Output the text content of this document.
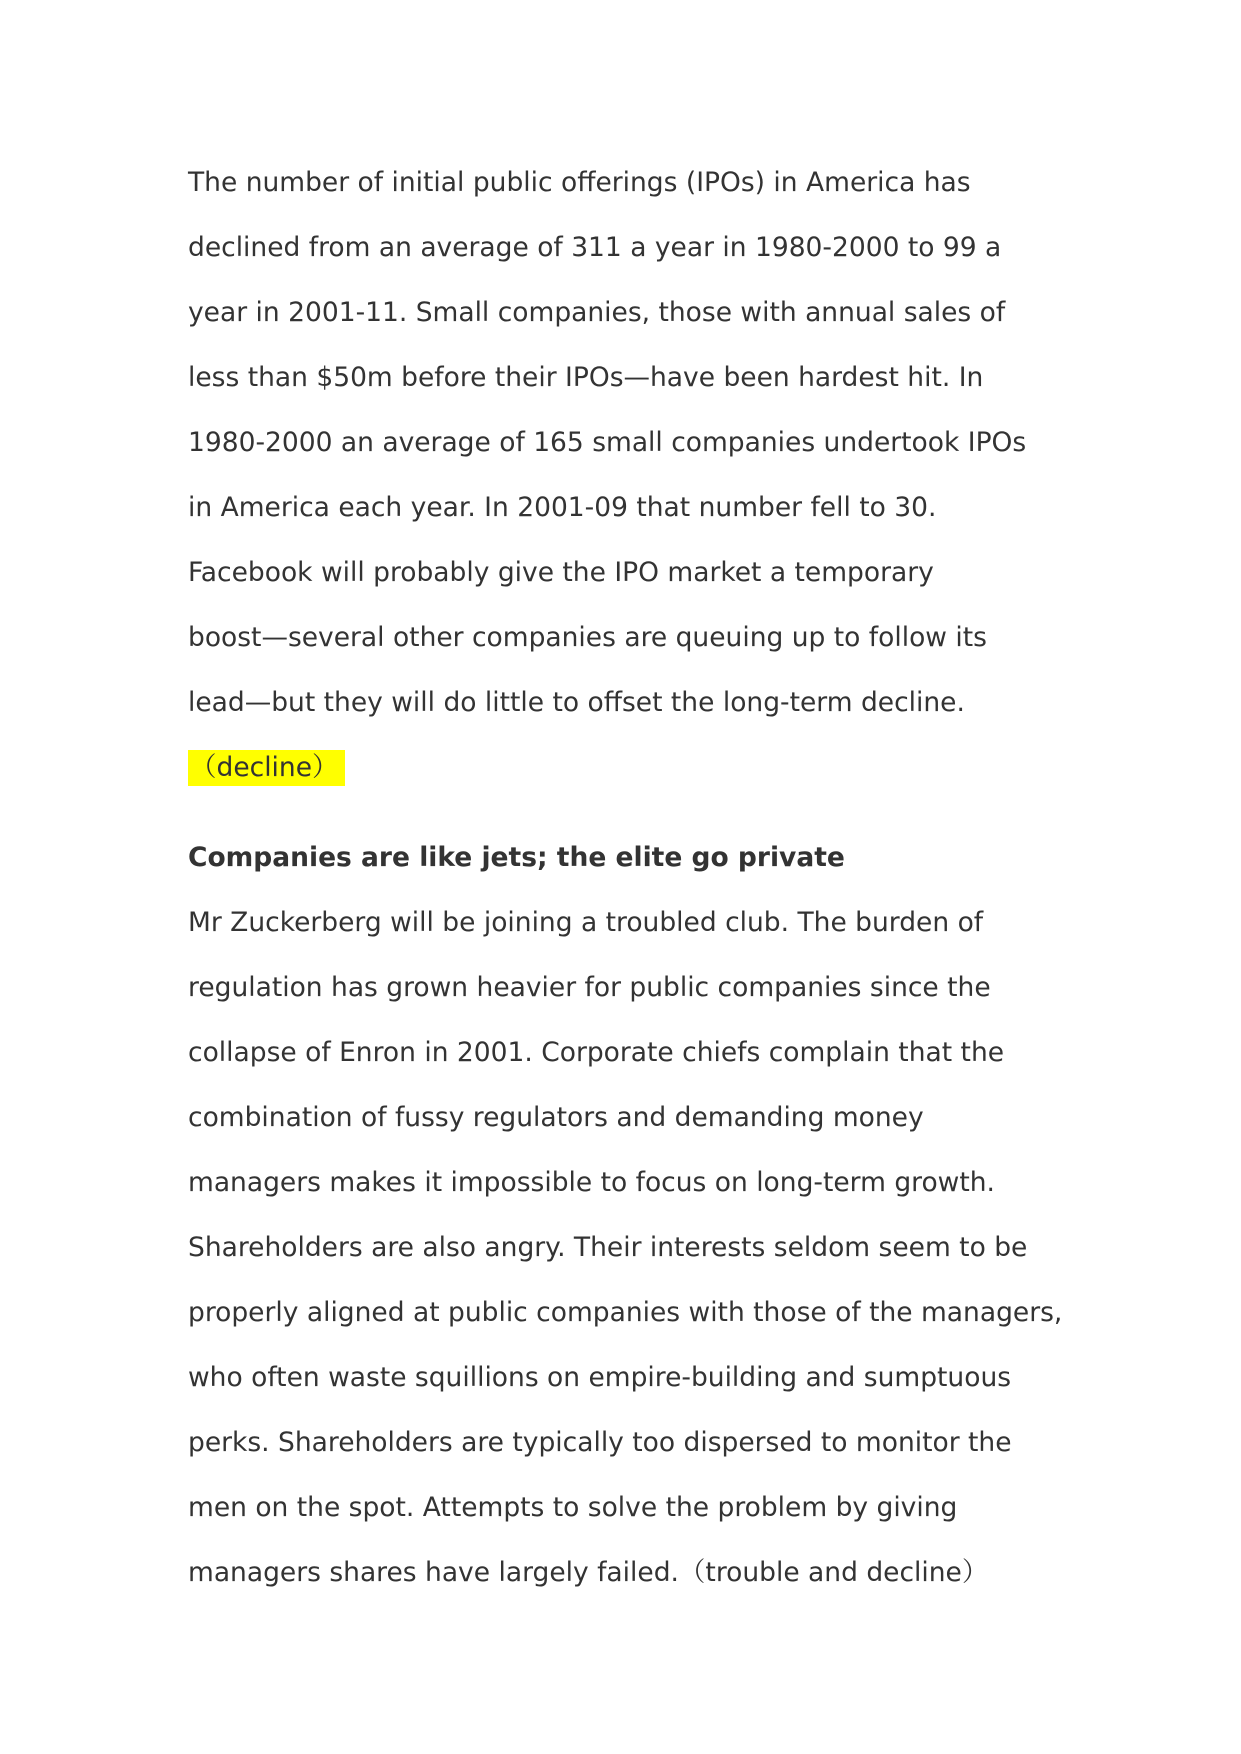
The number of initial public offerings (IPOs) in America has
declined from an average of 311 a year in 1980-2000 to 99 a
year in 2001-11. Small companies, those with annual sales of
less than $50m before their IPOs—have been hardest hit. In
1980-2000 an average of 165 small companies undertook IPOs
in America each year. In 2001-09 that number fell to 30.
Facebook will probably give the IPO market a temporary
boost—several other companies are queuing up to follow its
lead—but they will do little to offset the long-term decline.
（decline）
Companies are like jets; the elite go private
Mr Zuckerberg will be joining a troubled club. The burden of
regulation has grown heavier for public companies since the
collapse of Enron in 2001. Corporate chiefs complain that the
combination of fussy regulators and demanding money
managers makes it impossible to focus on long-term growth.
Shareholders are also angry. Their interests seldom seem to be
properly aligned at public companies with those of the managers,
who often waste squillions on empire-building and sumptuous
perks. Shareholders are typically too dispersed to monitor the
men on the spot. Attempts to solve the problem by giving
managers shares have largely failed.（trouble and decline）
